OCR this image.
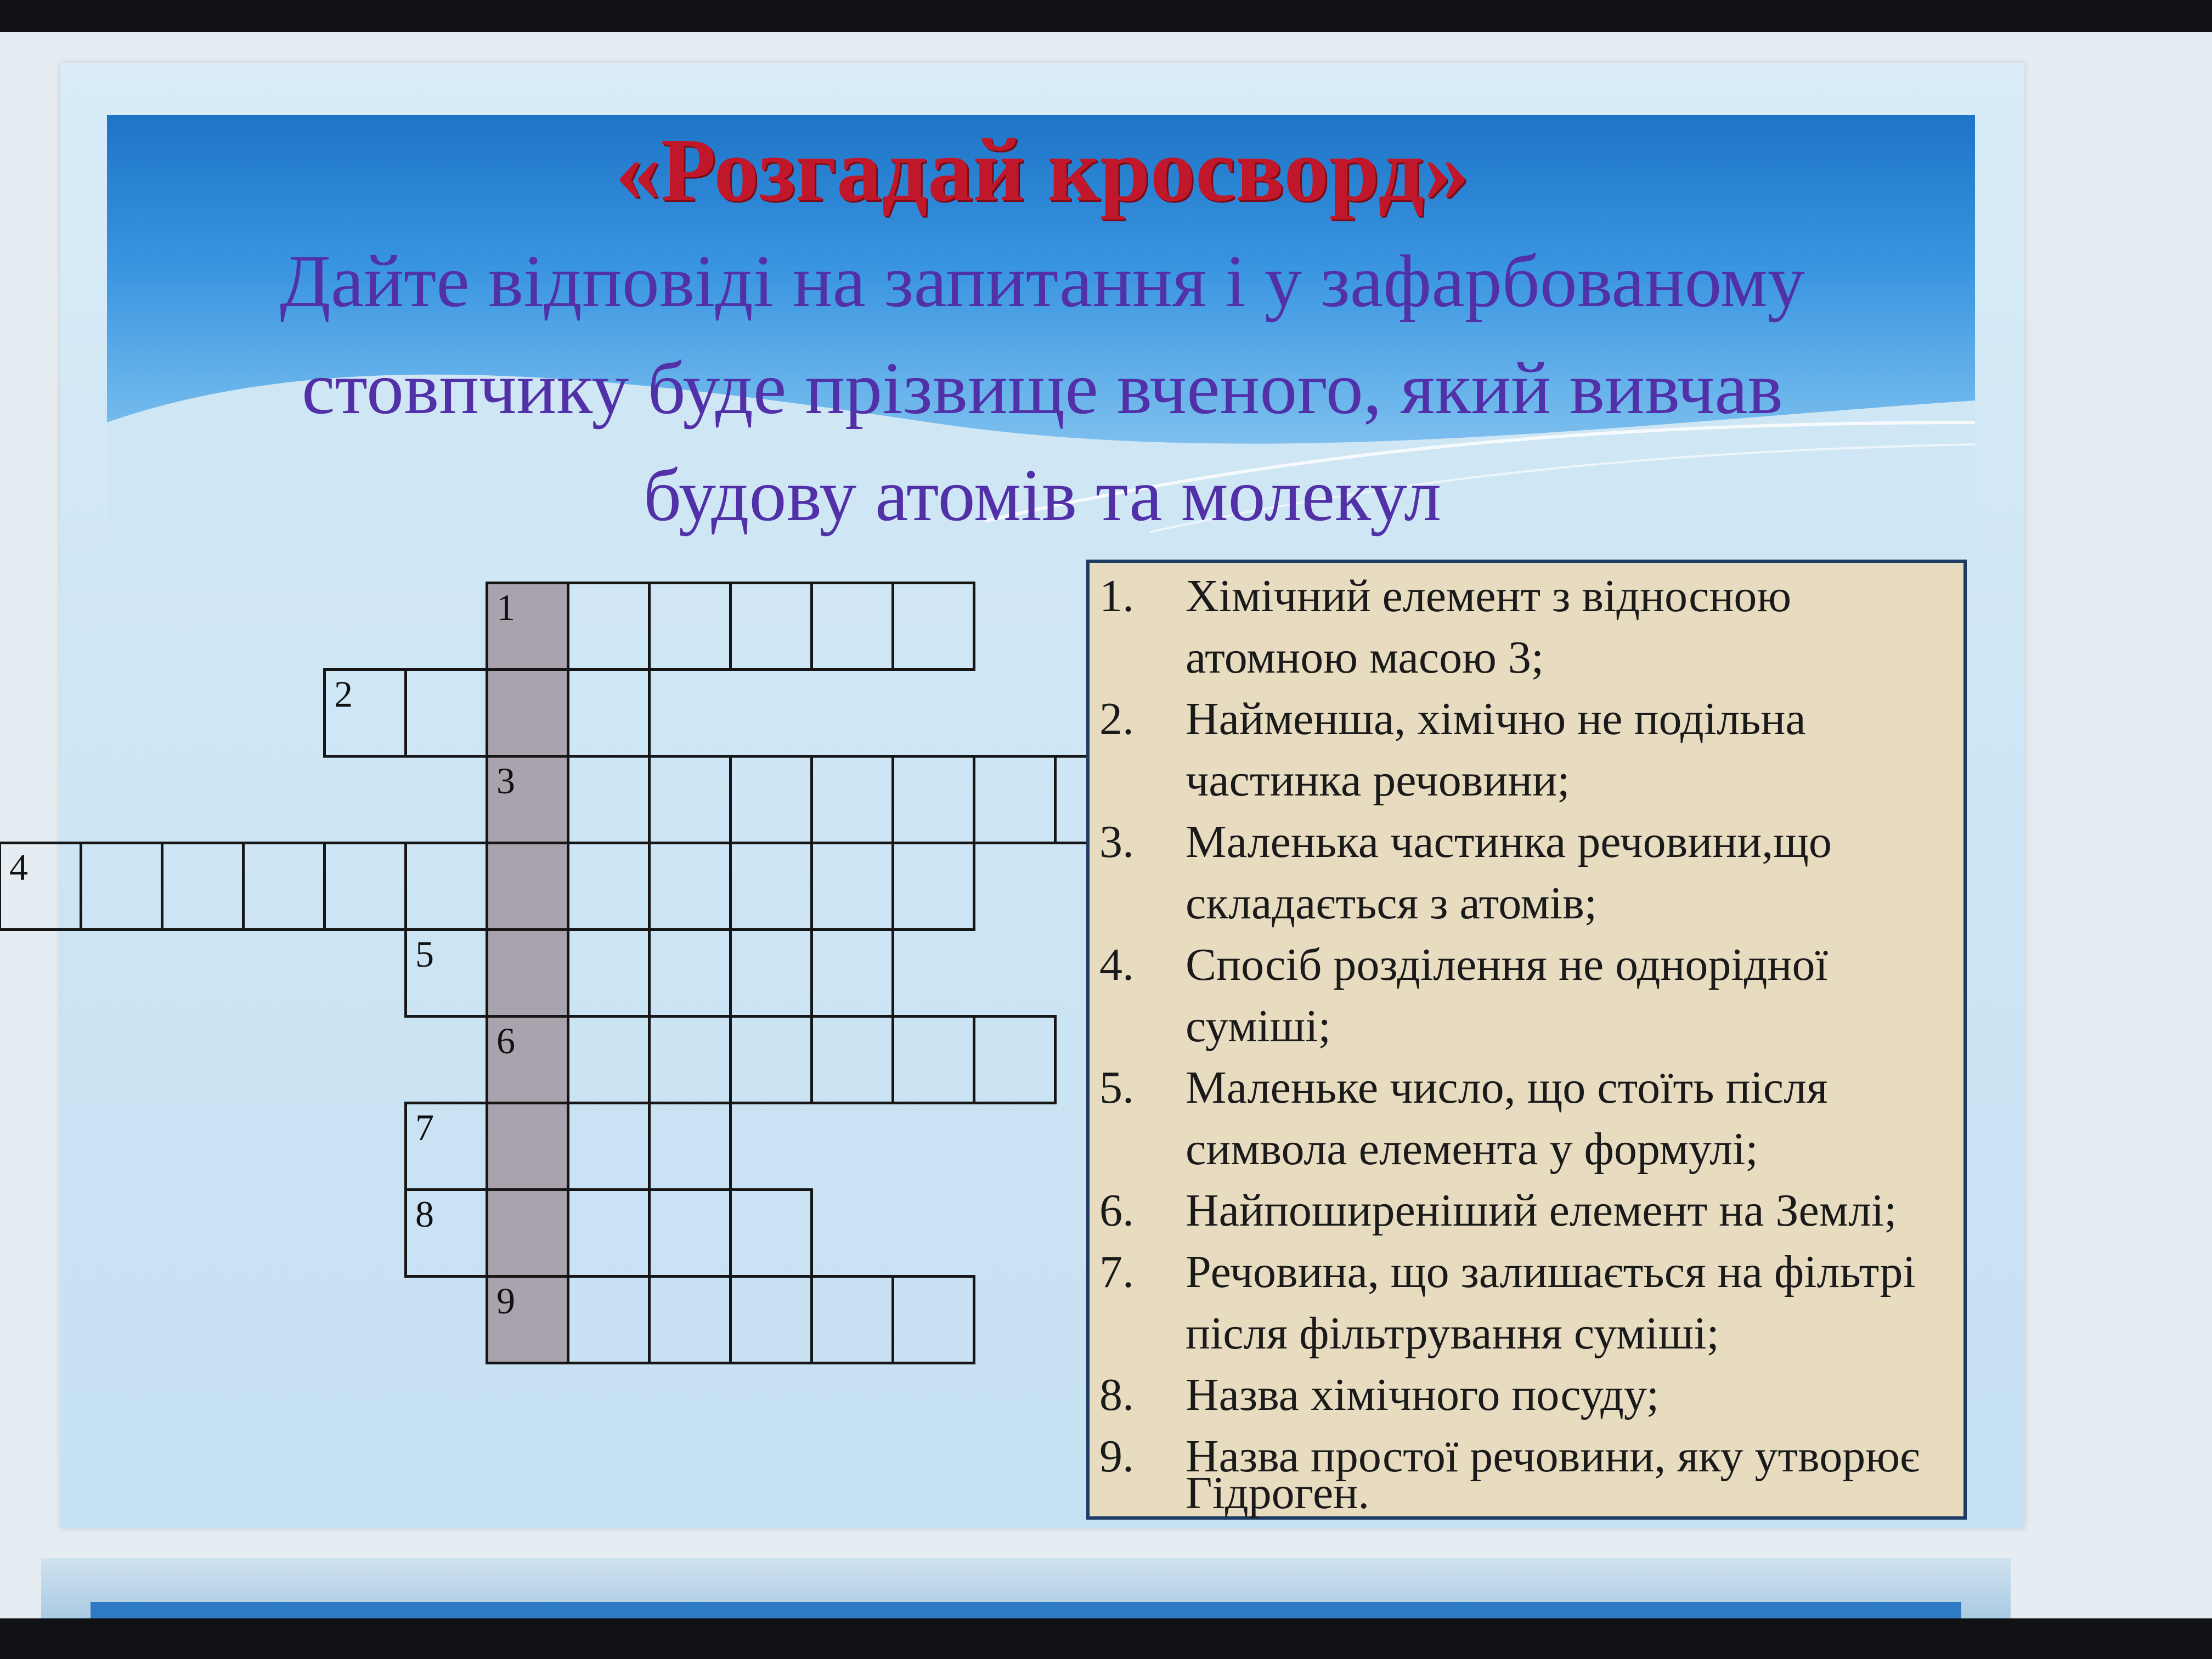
«Розгадай кросворд»
Дайте відповіді на запитання і у зафарбованому
стовпчику буде прізвище вченого, який вивчав
будову атомів та молекул
1
2
3
4
5
6
7
8
9
1.	Хімічний елемент з відносною
атомною масою 3;
2.	Найменша, хімічно не подільна
частинка речовини;
3.	Маленька частинка речовини,що
складається з атомів;
4.	Спосіб розділення не однорідної
суміші;
5.	Маленьке число, що стоїть після
символа елемента у формулі;
6.	Найпоширеніший елемент на Землі;
7.	Речовина, що залишається на фільтрі
після фільтрування суміші;
8.	Назва хімічного посуду;
9.	Назва простої речовини, яку утворює
Гідроген.
